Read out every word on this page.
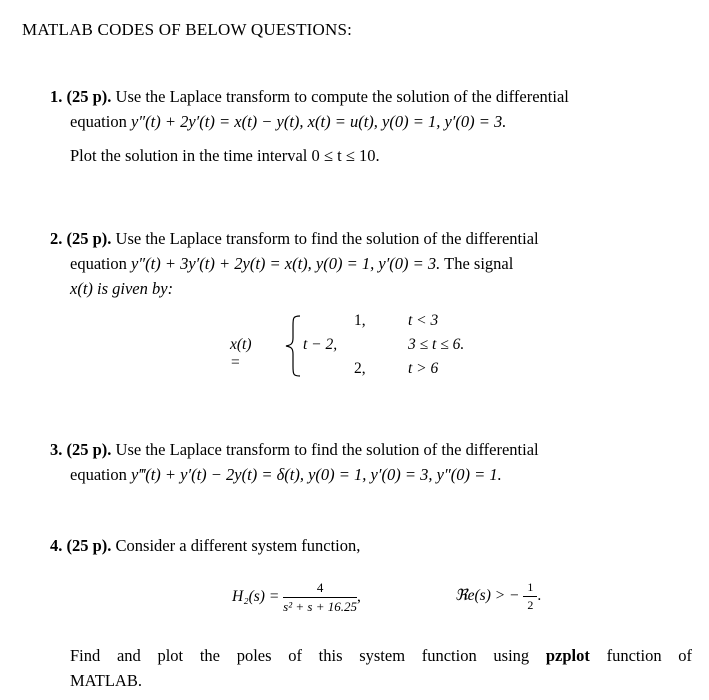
MATLAB CODES OF BELOW QUESTIONS:
1. (25 p). Use the Laplace transform to compute the solution of the differential
equation y″(t) + 2y′(t) = x(t) − y(t), x(t) = u(t), y(0) = 1, y′(0) = 3.
Plot the solution in the time interval 0 ≤ t ≤ 10.
2. (25 p). Use the Laplace transform to find the solution of the differential
equation y″(t) + 3y′(t) + 2y(t) = x(t), y(0) = 1, y′(0) = 3. The signal
x(t) is given by:
x(t) =
1,	t < 3
t − 2,	3 ≤ t ≤ 6.
2,	t > 6
3. (25 p). Use the Laplace transform to find the solution of the differential
equation y‴(t) + y′(t) − 2y(t) = δ(t), y(0) = 1, y′(0) = 3, y″(0) = 1.
4. (25 p). Consider a different system function,
$H_2(s) = \frac{4}{\text{s² + s + 16.25}}$ ,	ℜe(s) > − $\frac{1}{2}$ .
Find and plot the poles of this system function using pzplot function of
MATLAB.
